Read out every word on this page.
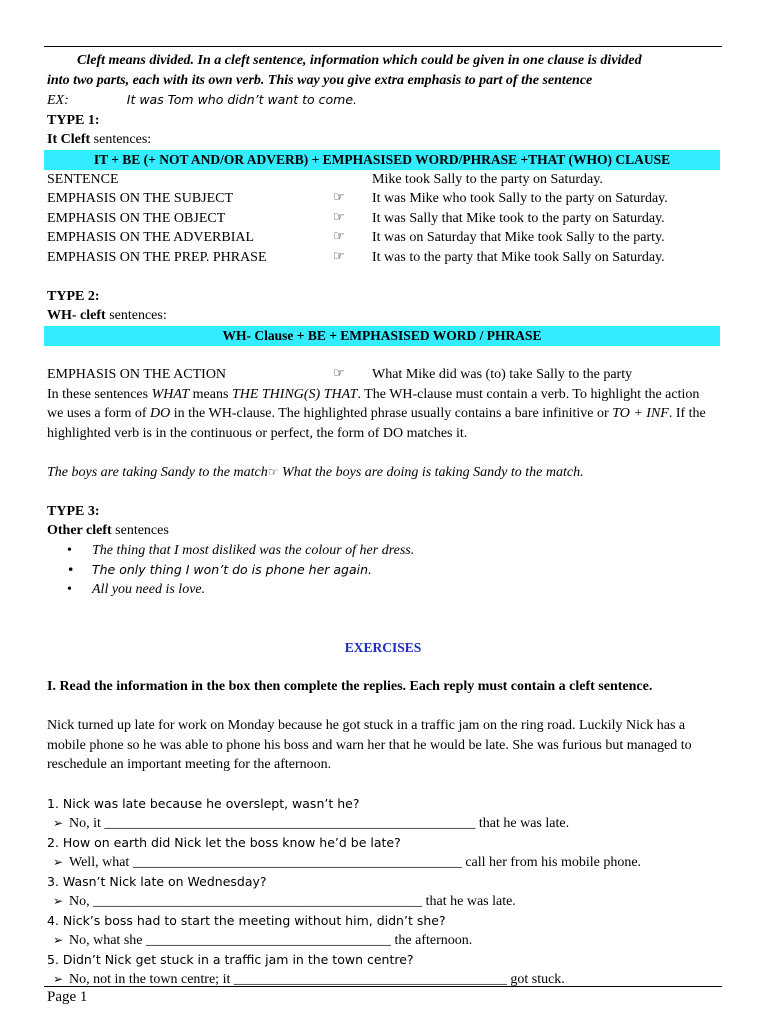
Cleft means divided. In a cleft sentence, information which could be given in one clause is divided
into two parts, each with its own verb. This way you give extra emphasis to part of the sentence
EX:	It was Tom who didn’t want to come.
TYPE 1:
It Cleft sentences:
IT + BE (+ NOT AND/OR ADVERB) + EMPHASISED WORD/PHRASE +THAT (WHO) CLAUSE
SENTENCE	Mike took Sally to the party on Saturday.
EMPHASIS ON THE SUBJECT	☞ It was Mike who took Sally to the party on Saturday.
EMPHASIS ON THE OBJECT	☞ It was Sally that Mike took to the party on Saturday.
EMPHASIS ON THE ADVERBIAL	☞ It was on Saturday that Mike took Sally to the party.
EMPHASIS ON THE PREP. PHRASE	☞ It was to the party that Mike took Sally on Saturday.
TYPE 2:
WH- cleft sentences:
WH- Clause + BE + EMPHASISED WORD / PHRASE
EMPHASIS ON THE ACTION	☞ What Mike did was (to) take Sally to the party
In these sentences WHAT means THE THING(S) THAT. The WH-clause must contain a verb. To highlight the action we uses a form of DO in the WH-clause. The highlighted phrase usually contains a bare infinitive or TO + INF. If the highlighted verb is in the continuous or perfect, the form of DO matches it.
The boys are taking Sandy to the match☞ What the boys are doing is taking Sandy to the match.
TYPE 3:
Other cleft sentences
• The thing that I most disliked was the colour of her dress.
• The only thing I won’t do is phone her again.
• All you need is love.
EXERCISES
I. Read the information in the box then complete the replies. Each reply must contain a cleft sentence.
Nick turned up late for work on Monday because he got stuck in a traffic jam on the ring road. Luckily Nick has a mobile phone so he was able to phone his boss and warn her that he would be late. She was furious but managed to reschedule an important meeting for the afternoon.
1. Nick was late because he overslept, wasn’t he?
➢ No, it _____________________________________________________ that he was late.
2. How on earth did Nick let the boss know he’d be late?
➢ Well, what _______________________________________________ call her from his mobile phone.
3. Wasn’t Nick late on Wednesday?
➢ No, _______________________________________________ that he was late.
4. Nick’s boss had to start the meeting without him, didn’t she?
➢ No, what she ___________________________________ the afternoon.
5. Didn’t Nick get stuck in a traffic jam in the town centre?
➢ No, not in the town centre; it _______________________________________ got stuck.
Page 1
